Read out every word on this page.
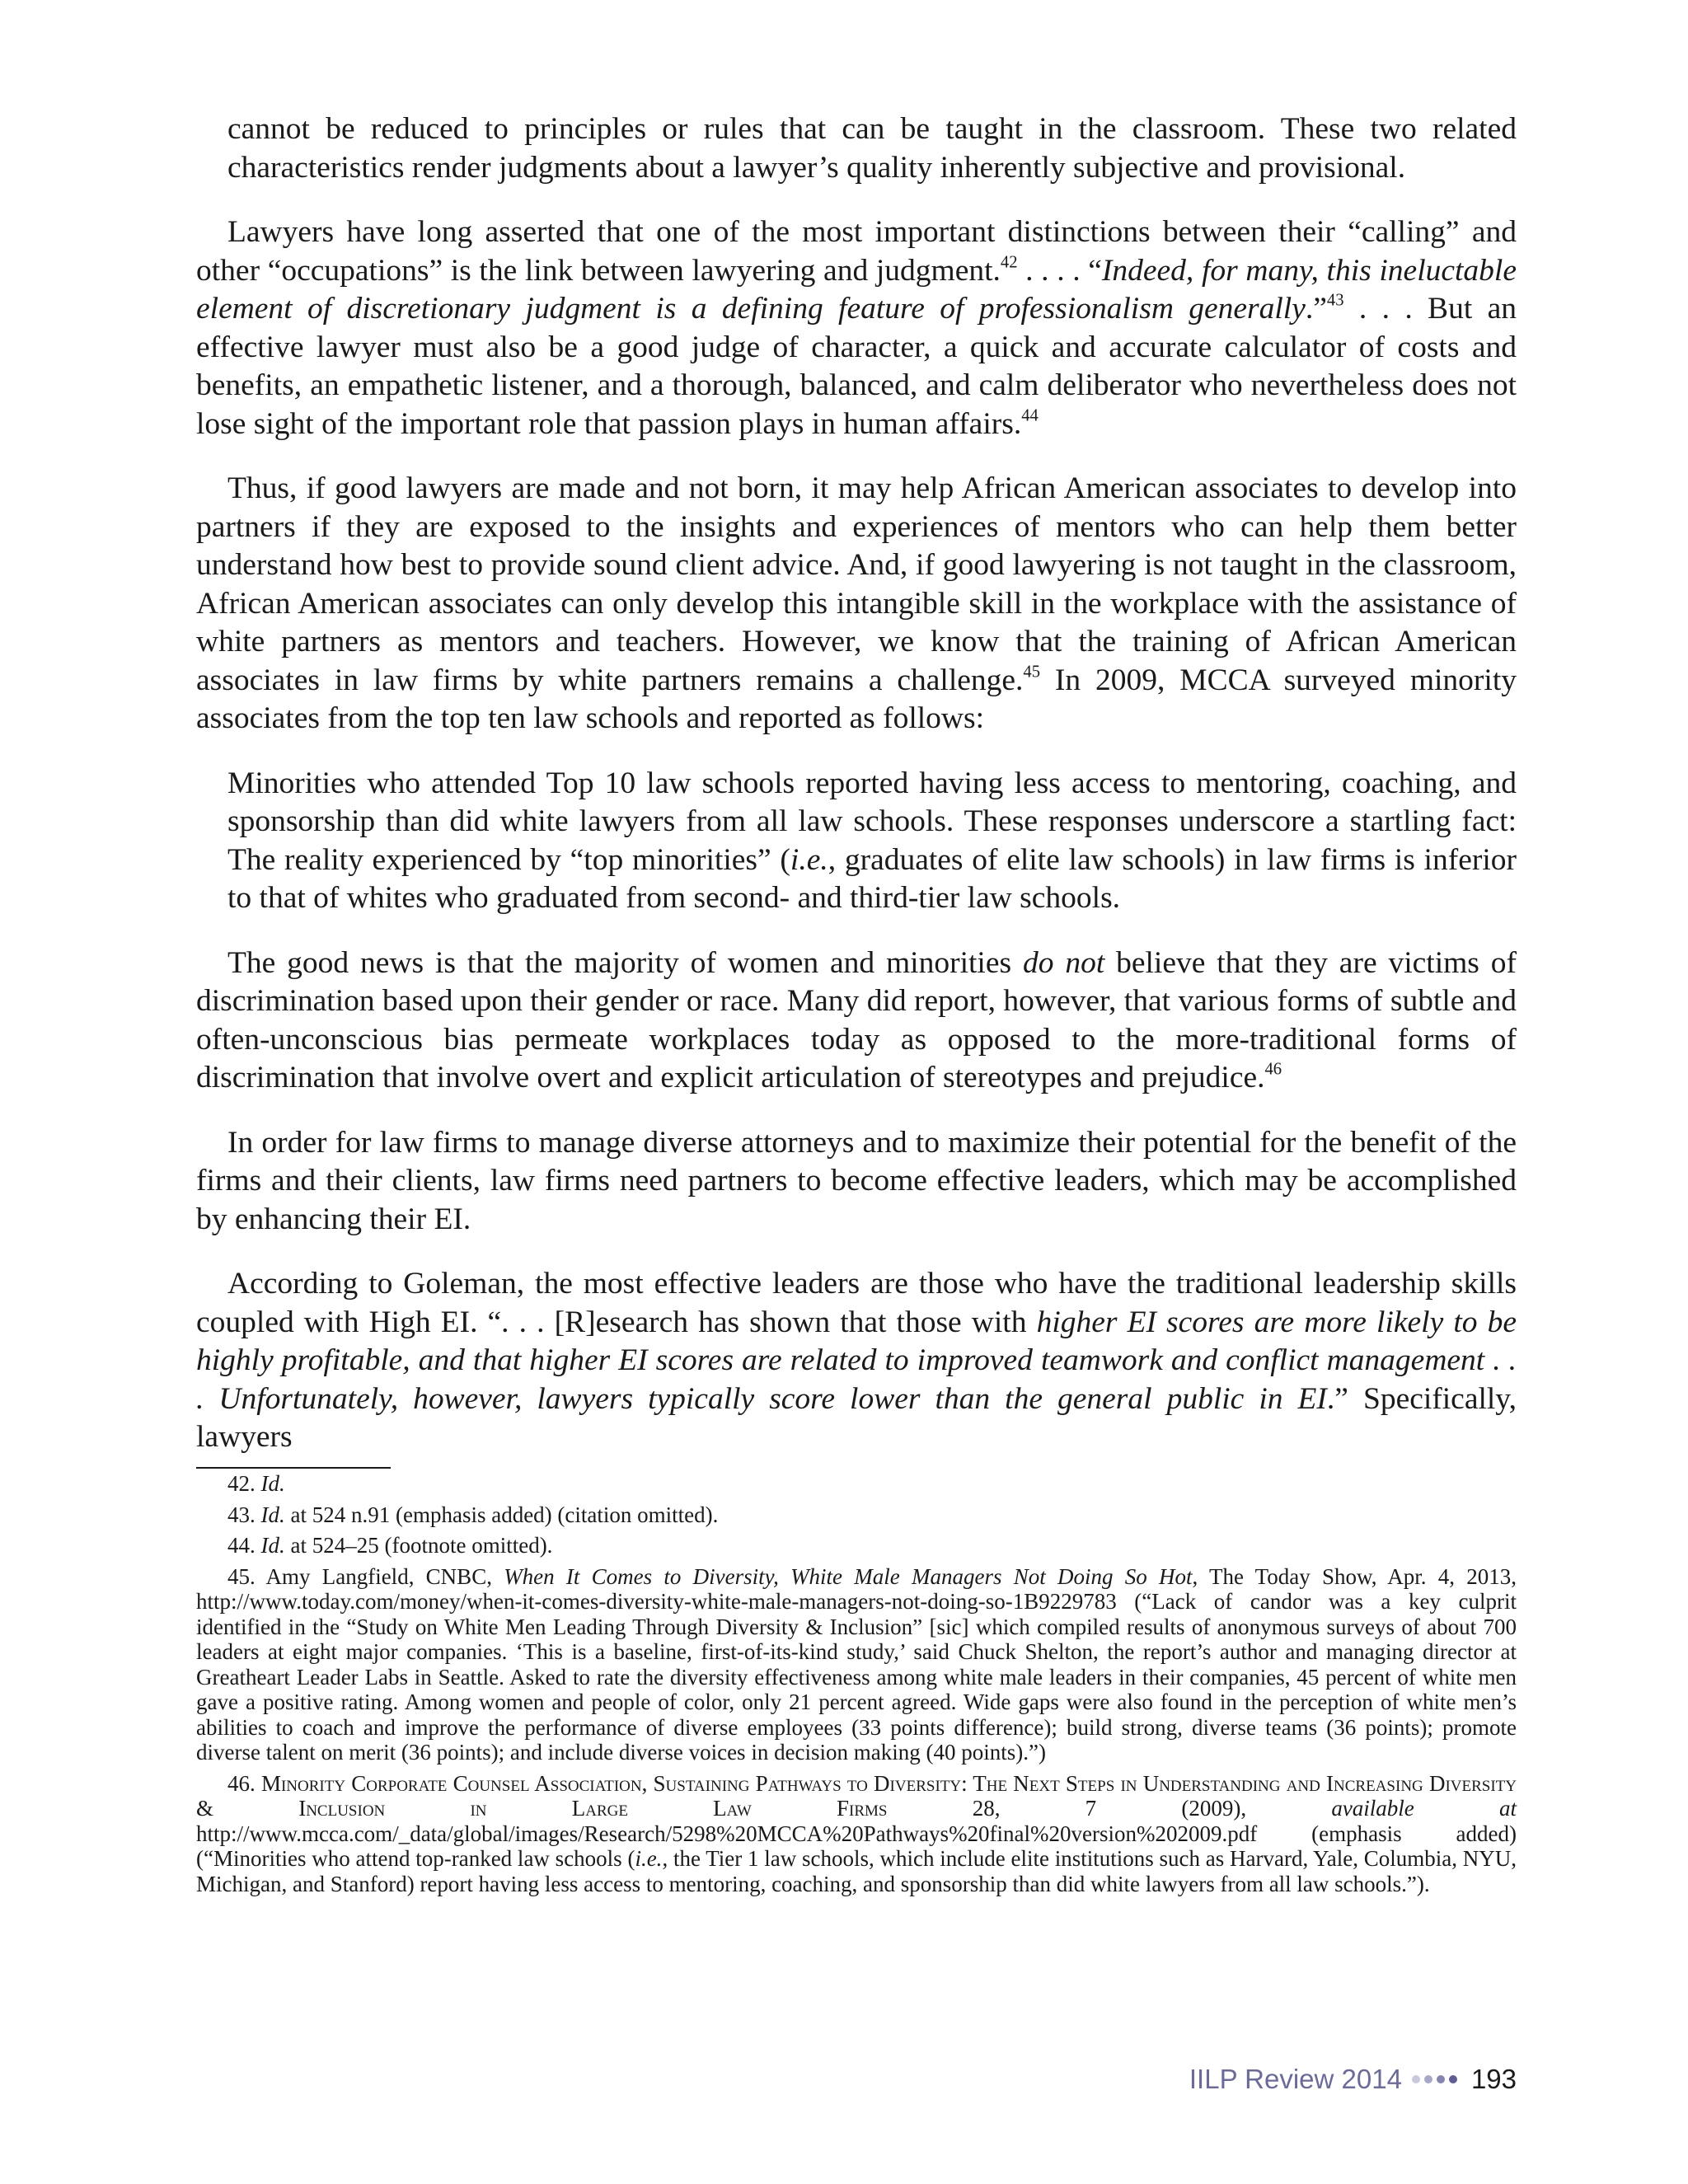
cannot be reduced to principles or rules that can be taught in the classroom. These two related characteristics render judgments about a lawyer’s quality inherently subjective and provisional.

Lawyers have long asserted that one of the most important distinctions between their “calling” and other “occupations” is the link between lawyering and judgment.$^{42}$ . . . . “Indeed, for many, this ineluctable element of discretionary judgment is a defining feature of professionalism generally.”$^{43}$ . . . But an effective lawyer must also be a good judge of character, a quick and accurate calculator of costs and benefits, an empathetic listener, and a thorough, balanced, and calm deliberator who nevertheless does not lose sight of the important role that passion plays in human affairs.$^{44}$

Thus, if good lawyers are made and not born, it may help African American associates to develop into partners if they are exposed to the insights and experiences of mentors who can help them better understand how best to provide sound client advice. And, if good lawyering is not taught in the classroom, African American associates can only develop this intangible skill in the workplace with the assistance of white partners as mentors and teachers. However, we know that the training of African American associates in law firms by white partners remains a challenge.$^{45}$ In 2009, MCCA surveyed minority associates from the top ten law schools and reported as follows:

Minorities who attended Top 10 law schools reported having less access to mentoring, coaching, and sponsorship than did white lawyers from all law schools. These responses underscore a startling fact: The reality experienced by “top minorities” (i.e., graduates of elite law schools) in law firms is inferior to that of whites who graduated from second- and third-tier law schools.

The good news is that the majority of women and minorities do not believe that they are victims of discrimination based upon their gender or race. Many did report, however, that various forms of subtle and often-unconscious bias permeate workplaces today as opposed to the more-traditional forms of discrimination that involve overt and explicit articulation of stereotypes and prejudice.$^{46}$

In order for law firms to manage diverse attorneys and to maximize their potential for the benefit of the firms and their clients, law firms need partners to become effective leaders, which may be accomplished by enhancing their EI.

According to Goleman, the most effective leaders are those who have the traditional leadership skills coupled with High EI. “. . . [R]esearch has shown that those with higher EI scores are more likely to be highly profitable, and that higher EI scores are related to improved teamwork and conflict management . . . Unfortunately, however, lawyers typically score lower than the general public in EI.” Specifically, lawyers

42. Id.

43. Id. at 524 n.91 (emphasis added) (citation omitted).

44. Id. at 524–25 (footnote omitted).

45. Amy Langfield, CNBC, When It Comes to Diversity, White Male Managers Not Doing So Hot, The Today Show, Apr. 4, 2013, http://www.today.com/money/when-it-comes-diversity-white-male-managers-not-doing-so-1B9229783 (“Lack of candor was a key culprit identified in the “Study on White Men Leading Through Diversity & Inclusion” [sic] which compiled results of anonymous surveys of about 700 leaders at eight major companies. ‘This is a baseline, first-of-its-kind study,’ said Chuck Shelton, the report’s author and managing director at Greatheart Leader Labs in Seattle. Asked to rate the diversity effectiveness among white male leaders in their companies, 45 percent of white men gave a positive rating. Among women and people of color, only 21 percent agreed. Wide gaps were also found in the perception of white men’s abilities to coach and improve the performance of diverse employees (33 points difference); build strong, diverse teams (36 points); promote diverse talent on merit (36 points); and include diverse voices in decision making (40 points).”)

46. Minority Corporate Counsel Association, Sustaining Pathways to Diversity: The Next Steps in Understanding and Increasing Diversity & Inclusion in Large Law Firms 28, 7 (2009), available at http://www.mcca.com/_data/global/images/Research/5298%20MCCA%20Pathways%20final%20version%202009.pdf (emphasis added) (“Minorities who attend top-ranked law schools (i.e., the Tier 1 law schools, which include elite institutions such as Harvard, Yale, Columbia, NYU, Michigan, and Stanford) report having less access to mentoring, coaching, and sponsorship than did white lawyers from all law schools.”).

IILP Review 2014	193
